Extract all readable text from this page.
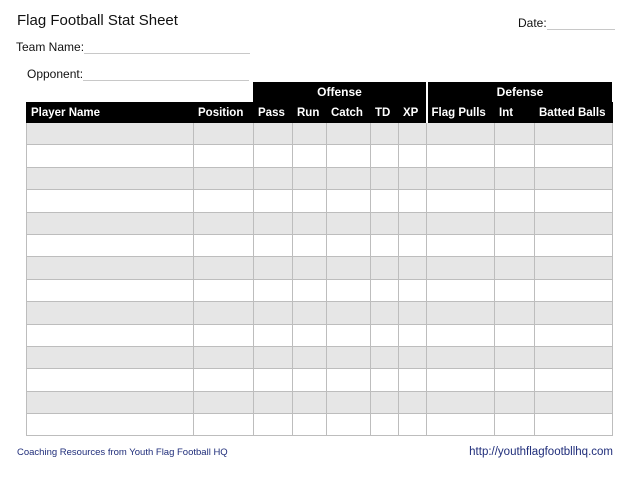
Flag Football Stat Sheet	Date:
Team Name:
Opponent:
Offense	Defense
Player Name	Position	Pass	Run	Catch	TD	XP	Flag Pulls	Int	Batted Balls

Coaching Resources from Youth Flag Football HQ	http://youthflagfootbllhq.com
